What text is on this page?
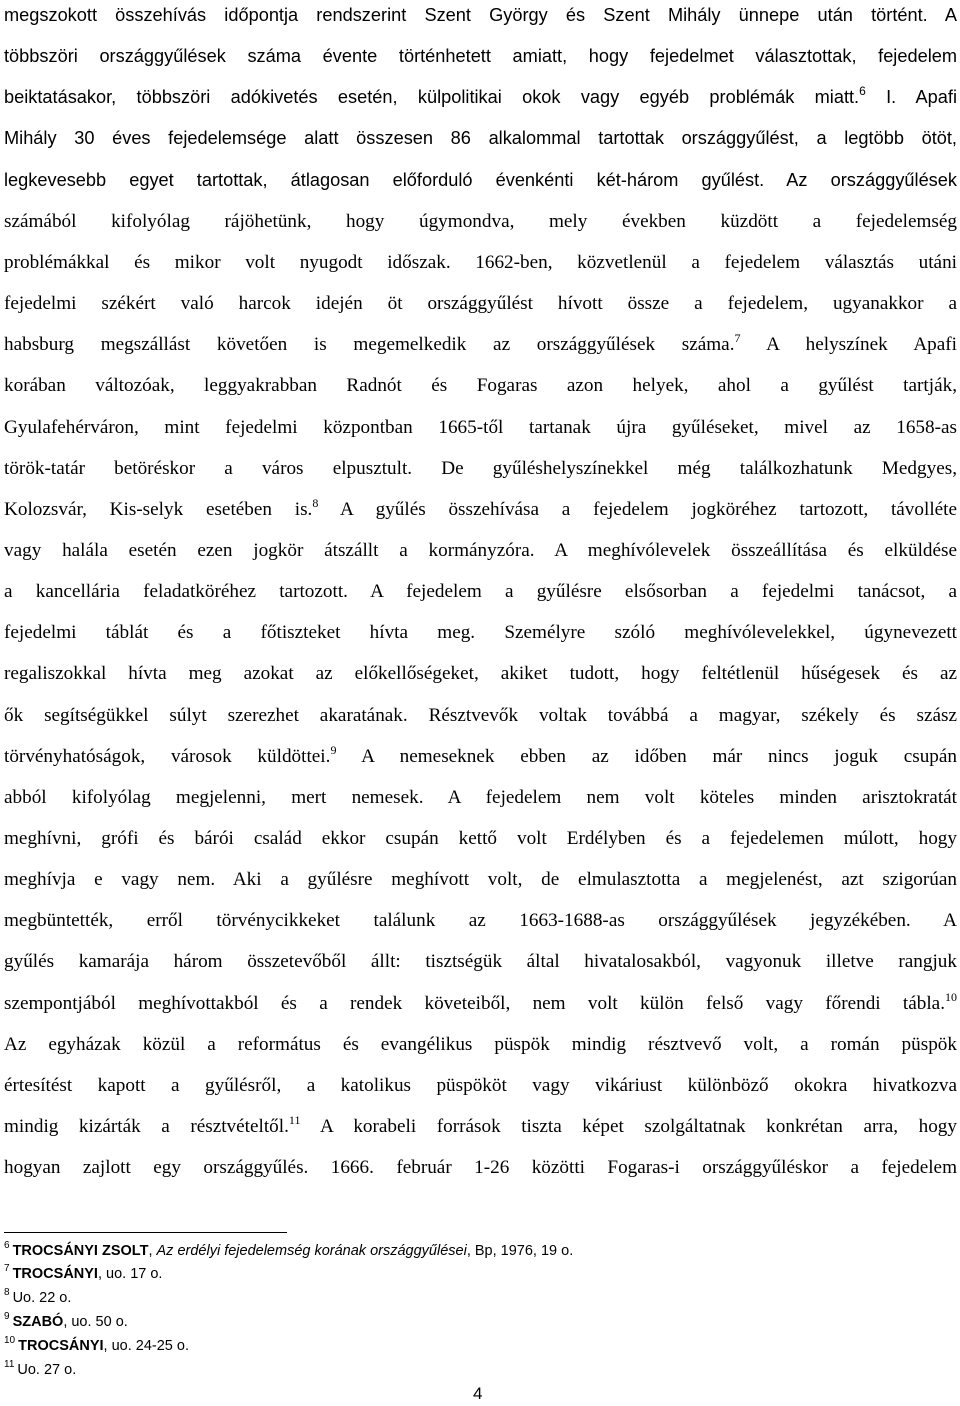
megszokott összehívás időpontja rendszerint Szent György és Szent Mihály ünnepe után történt. A
többszöri országgyűlések száma évente történhetett amiatt, hogy fejedelmet választottak, fejedelem
beiktatásakor, többszöri adókivetés esetén, külpolitikai okok vagy egyéb problémák miatt.$^6$ I. Apafi
Mihály 30 éves fejedelemsége alatt összesen 86 alkalommal tartottak országgyűlést, a legtöbb ötöt,
legkevesebb egyet tartottak, átlagosan előforduló évenkénti két-három gyűlést. Az országgyűlések
számából kifolyólag rájöhetünk, hogy úgymondva, mely években küzdött a fejedelemség
problémákkal és mikor volt nyugodt időszak. 1662-ben, közvetlenül a fejedelem választás utáni
fejedelmi székért való harcok idején öt országgyűlést hívott össze a fejedelem, ugyanakkor a
habsburg megszállást követően is megemelkedik az országgyűlések száma.$^7$ A helyszínek Apafi
korában változóak, leggyakrabban Radnót és Fogaras azon helyek, ahol a gyűlést tartják,
Gyulafehérváron, mint fejedelmi központban 1665-től tartanak újra gyűléseket, mivel az 1658-as
török-tatár betöréskor a város elpusztult. De gyűléshelyszínekkel még találkozhatunk Medgyes,
Kolozsvár, Kis-selyk esetében is.$^8$ A gyűlés összehívása a fejedelem jogköréhez tartozott, távolléte
vagy halála esetén ezen jogkör átszállt a kormányzóra. A meghívólevelek összeállítása és elküldése
a kancellária feladatköréhez tartozott. A fejedelem a gyűlésre elsősorban a fejedelmi tanácsot, a
fejedelmi táblát és a főtiszteket hívta meg. Személyre szóló meghívólevelekkel, úgynevezett
regaliszokkal hívta meg azokat az előkellőségeket, akiket tudott, hogy feltétlenül hűségesek és az
ők segítségükkel súlyt szerezhet akaratának. Résztvevők voltak továbbá a magyar, székely és szász
törvényhatóságok, városok küldöttei.$^9$ A nemeseknek ebben az időben már nincs joguk csupán
abból kifolyólag megjelenni, mert nemesek. A fejedelem nem volt köteles minden arisztokratát
meghívni, grófi és bárói család ekkor csupán kettő volt Erdélyben és a fejedelemen múlott, hogy
meghívja e vagy nem. Aki a gyűlésre meghívott volt, de elmulasztotta a megjelenést, azt szigorúan
megbüntették, erről törvénycikkeket találunk az 1663-1688-as országgyűlések jegyzékében. A
gyűlés kamarája három összetevőből állt: tisztségük által hivatalosakból, vagyonuk illetve rangjuk
szempontjából meghívottakból és a rendek követeiből, nem volt külön felső vagy főrendi tábla.$^{10}$
Az egyházak közül a református és evangélikus püspök mindig résztvevő volt, a román püspök
értesítést kapott a gyűlésről, a katolikus püspököt vagy vikáriust különböző okokra hivatkozva
mindig kizárták a résztvételtől.$^{11}$ A korabeli források tiszta képet szolgáltatnak konkrétan arra, hogy
hogyan zajlott egy országgyűlés. 1666. február 1-26 közötti Fogaras-i országgyűléskor a fejedelem
$^6$ TROCSÁNYI ZSOLT, Az erdélyi fejedelemség korának országgyűlései, Bp, 1976, 19 o.
$^7$ TROCSÁNYI, uo. 17 o.
$^8$ Uo. 22 o.
$^9$ SZABÓ, uo. 50 o.
$^{10}$ TROCSÁNYI, uo. 24-25 o.
$^{11}$ Uo. 27 o.
4
